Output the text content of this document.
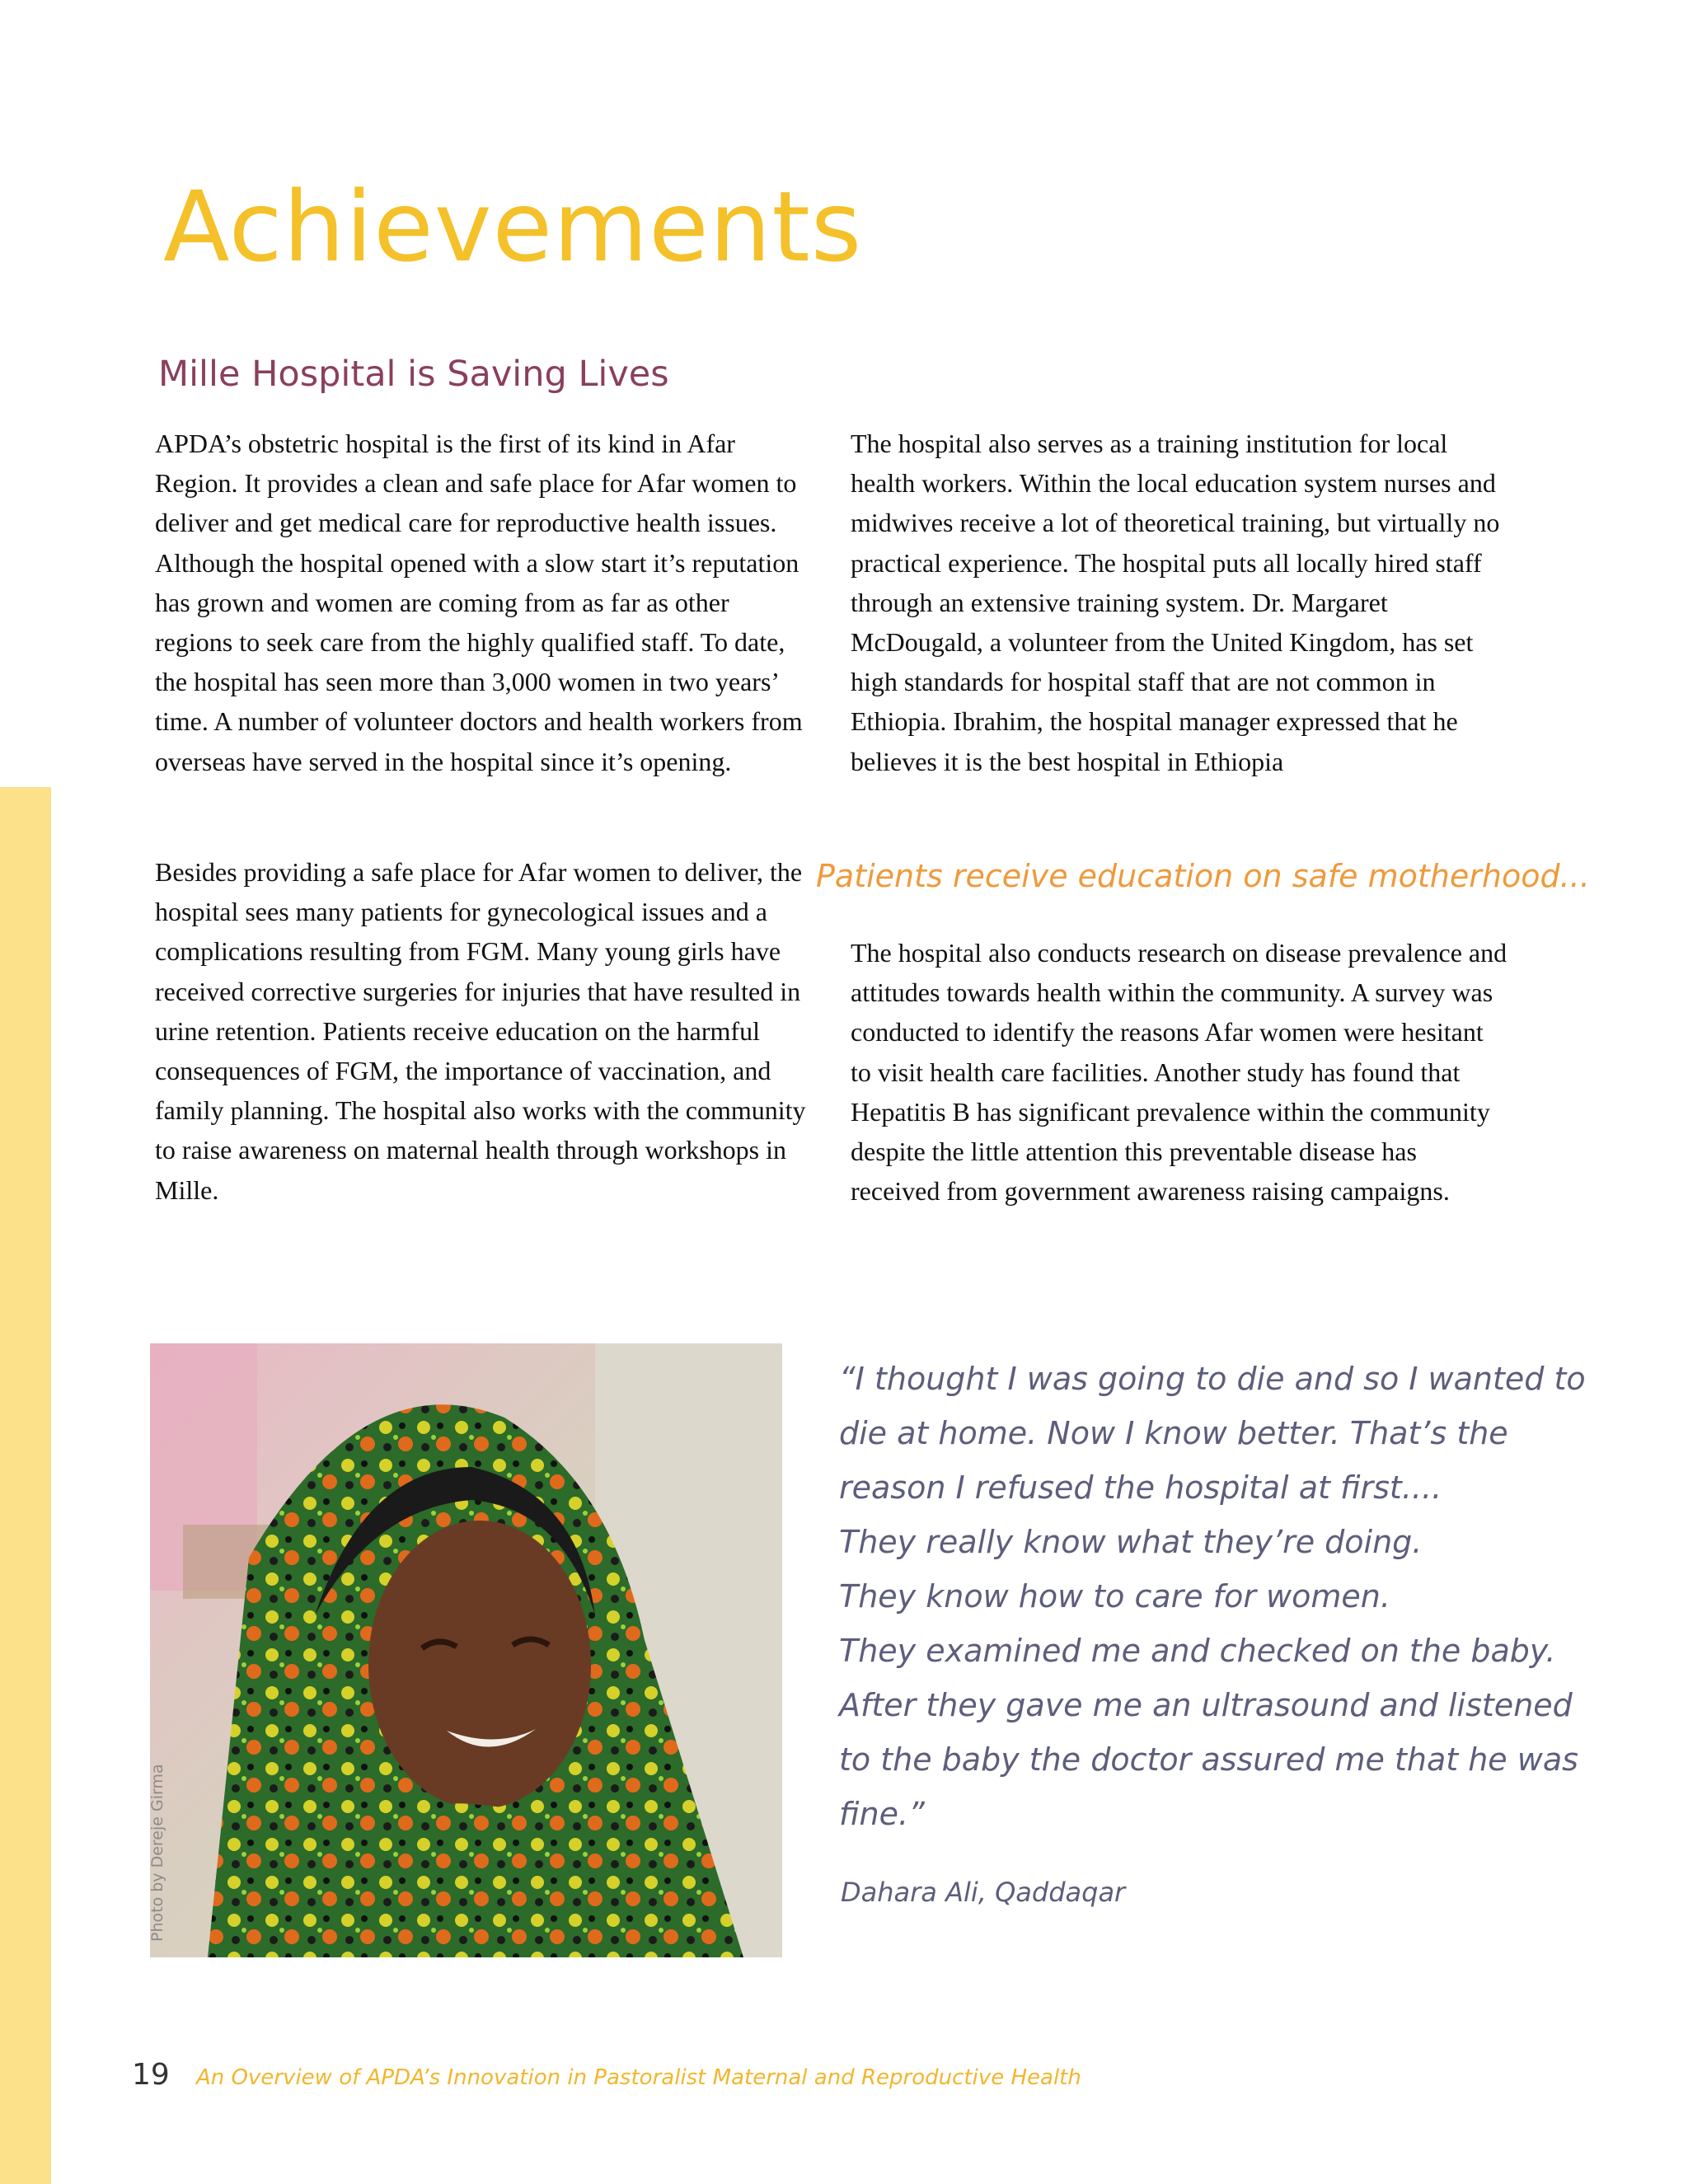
Achievements
Mille Hospital is Saving Lives

APDA’s obstetric hospital is the first of its kind in Afar Region. It provides a clean and safe place for Afar women to deliver and get medical care for reproductive health issues. Although the hospital opened with a slow start it’s reputation has grown and women are coming from as far as other regions to seek care from the highly qualified staff. To date, the hospital has seen more than 3,000 women in two years’ time. A number of volunteer doctors and health workers from overseas have served in the hospital since it’s opening.

Besides providing a safe place for Afar women to deliver, the hospital sees many patients for gynecological issues and a complications resulting from FGM. Many young girls have received corrective surgeries for injuries that have resulted in urine retention. Patients receive education on the harmful consequences of FGM, the importance of vaccination, and family planning. The hospital also works with the community to raise awareness on maternal health through workshops in Mille.

The hospital also serves as a training institution for local health workers. Within the local education system nurses and midwives receive a lot of theoretical training, but virtually no practical experience. The hospital puts all locally hired staff through an extensive training system. Dr. Margaret McDougald, a volunteer from the United Kingdom, has set high standards for hospital staff that are not common in Ethiopia. Ibrahim, the hospital manager expressed that he believes it is the best hospital in Ethiopia

Patients receive education on safe motherhood...

The hospital also conducts research on disease prevalence and attitudes towards health within the community. A survey was conducted to identify the reasons Afar women were hesitant to visit health care facilities. Another study has found that Hepatitis B has significant prevalence within the community despite the little attention this preventable disease has received from government awareness raising campaigns.

Photo by Dereje Girma

“I thought I was going to die and so I wanted to
die at home. Now I know better. That’s the
reason I refused the hospital at first....
They really know what they’re doing.
They know how to care for women.
They examined me and checked on the baby.
After they gave me an ultrasound and listened
to the baby the doctor assured me that he was
fine.”

Dahara Ali, Qaddaqar

19 An Overview of APDA’s Innovation in Pastoralist Maternal and Reproductive Health
